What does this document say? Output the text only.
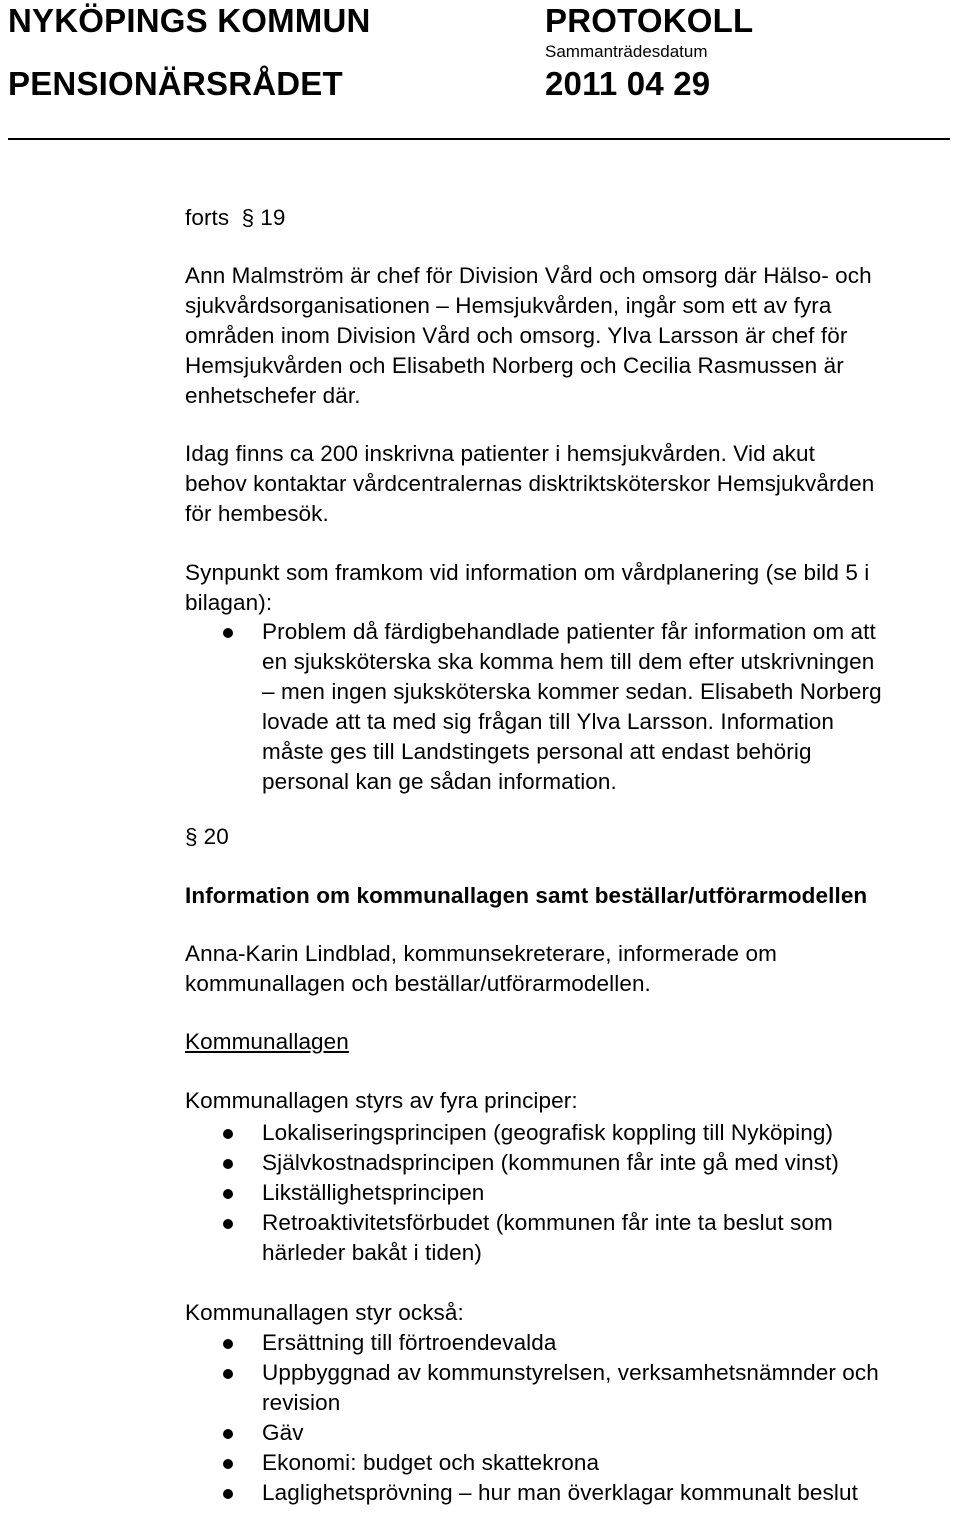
NYKÖPINGS KOMMUN	PROTOKOLL
PENSIONÄRSRÅDET
Sammanträdesdatum
2011 04 29
forts § 19
Ann Malmström är chef för Division Vård och omsorg där Hälso- och
sjukvårdsorganisationen – Hemsjukvården, ingår som ett av fyra
områden inom Division Vård och omsorg. Ylva Larsson är chef för
Hemsjukvården och Elisabeth Norberg och Cecilia Rasmussen är
enhetschefer där.
Idag finns ca 200 inskrivna patienter i hemsjukvården. Vid akut
behov kontaktar vårdcentralernas disktriktsköterskor Hemsjukvården
för hembesök.
Synpunkt som framkom vid information om vårdplanering (se bild 5 i
bilagan):
Problem då färdigbehandlade patienter får information om att
en sjuksköterska ska komma hem till dem efter utskrivningen
– men ingen sjuksköterska kommer sedan. Elisabeth Norberg
lovade att ta med sig frågan till Ylva Larsson. Information
måste ges till Landstingets personal att endast behörig
personal kan ge sådan information.
§ 20
Information om kommunallagen samt beställar/utförarmodellen
Anna-Karin Lindblad, kommunsekreterare, informerade om
kommunallagen och beställar/utförarmodellen.
Kommunallagen
Kommunallagen styrs av fyra principer:
Lokaliseringsprincipen (geografisk koppling till Nyköping)
Självkostnadsprincipen (kommunen får inte gå med vinst)
Likställighetsprincipen
Retroaktivitetsförbudet (kommunen får inte ta beslut som
härleder bakåt i tiden)
Kommunallagen styr också:
Ersättning till förtroendevalda
Uppbyggnad av kommunstyrelsen, verksamhetsnämnder och
revision
Gäv
Ekonomi: budget och skattekrona
Laglighetsprövning – hur man överklagar kommunalt beslut
